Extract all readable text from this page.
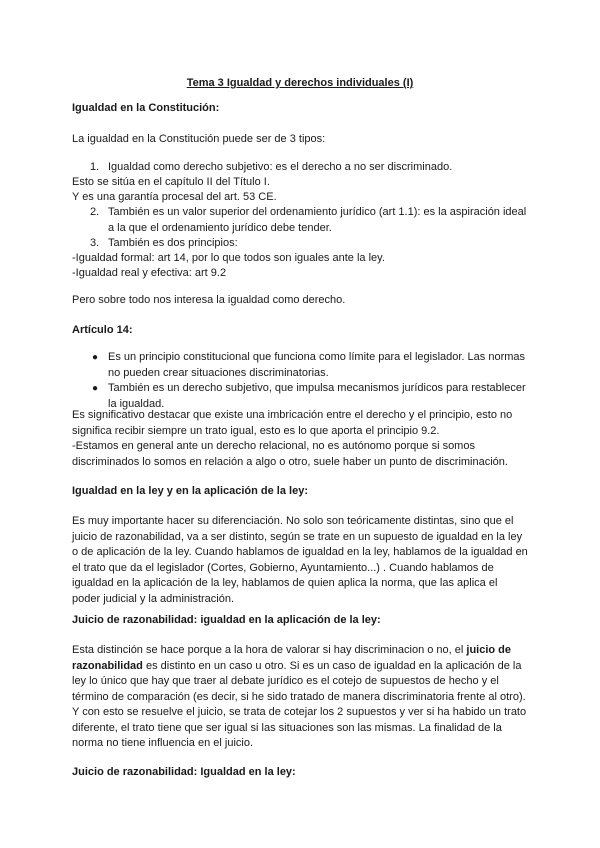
Tema 3 Igualdad y derechos individuales (I)

Igualdad en la Constitución:

La igualdad en la Constitución puede ser de 3 tipos:

1. Igualdad como derecho subjetivo: es el derecho a no ser discriminado.

Esto se sitúa en el capítulo II del Título I.

Y es una garantía procesal del art. 53 CE.

2. También es un valor superior del ordenamiento jurídico (art 1.1): es la aspiración ideal a la que el ordenamiento jurídico debe tender.
3. También es dos principios:

-Igualdad formal: art 14, por lo que todos son iguales ante la ley.

-Igualdad real y efectiva: art 9.2

Pero sobre todo nos interesa la igualdad como derecho.

Artículo 14:

● Es un principio constitucional que funciona como límite para el legislador. Las normas no pueden crear situaciones discriminatorias.
● También es un derecho subjetivo, que impulsa mecanismos jurídicos para restablecer la igualdad.

Es significativo destacar que existe una imbricación entre el derecho y el principio, esto no significa recibir siempre un trato igual, esto es lo que aporta el principio 9.2.

-Estamos en general ante un derecho relacional, no es autónomo porque si somos discriminados lo somos en relación a algo o otro, suele haber un punto de discriminación.

Igualdad en la ley y en la aplicación de la ley:

Es muy importante hacer su diferenciación. No solo son teóricamente distintas, sino que el juicio de razonabilidad, va a ser distinto, según se trate en un supuesto de igualdad en la ley o de aplicación de la ley. Cuando hablamos de igualdad en la ley, hablamos de la igualdad en el trato que da el legislador (Cortes, Gobierno, Ayuntamiento...) . Cuando hablamos de igualdad en la aplicación de la ley, hablamos de quien aplica la norma, que las aplica el poder judicial y la administración.

Juicio de razonabilidad: igualdad en la aplicación de la ley:

Esta distinción se hace porque a la hora de valorar si hay discriminacion o no, el juicio de razonabilidad es distinto en un caso u otro. Si es un caso de igualdad en la aplicación de la ley lo único que hay que traer al debate jurídico es el cotejo de supuestos de hecho y el término de comparación (es decir, si he sido tratado de manera discriminatoria frente al otro). Y con esto se resuelve el juicio, se trata de cotejar los 2 supuestos y ver si ha habido un trato diferente, el trato tiene que ser igual si las situaciones son las mismas. La finalidad de la norma no tiene influencia en el juicio.

Juicio de razonabilidad: Igualdad en la ley:
